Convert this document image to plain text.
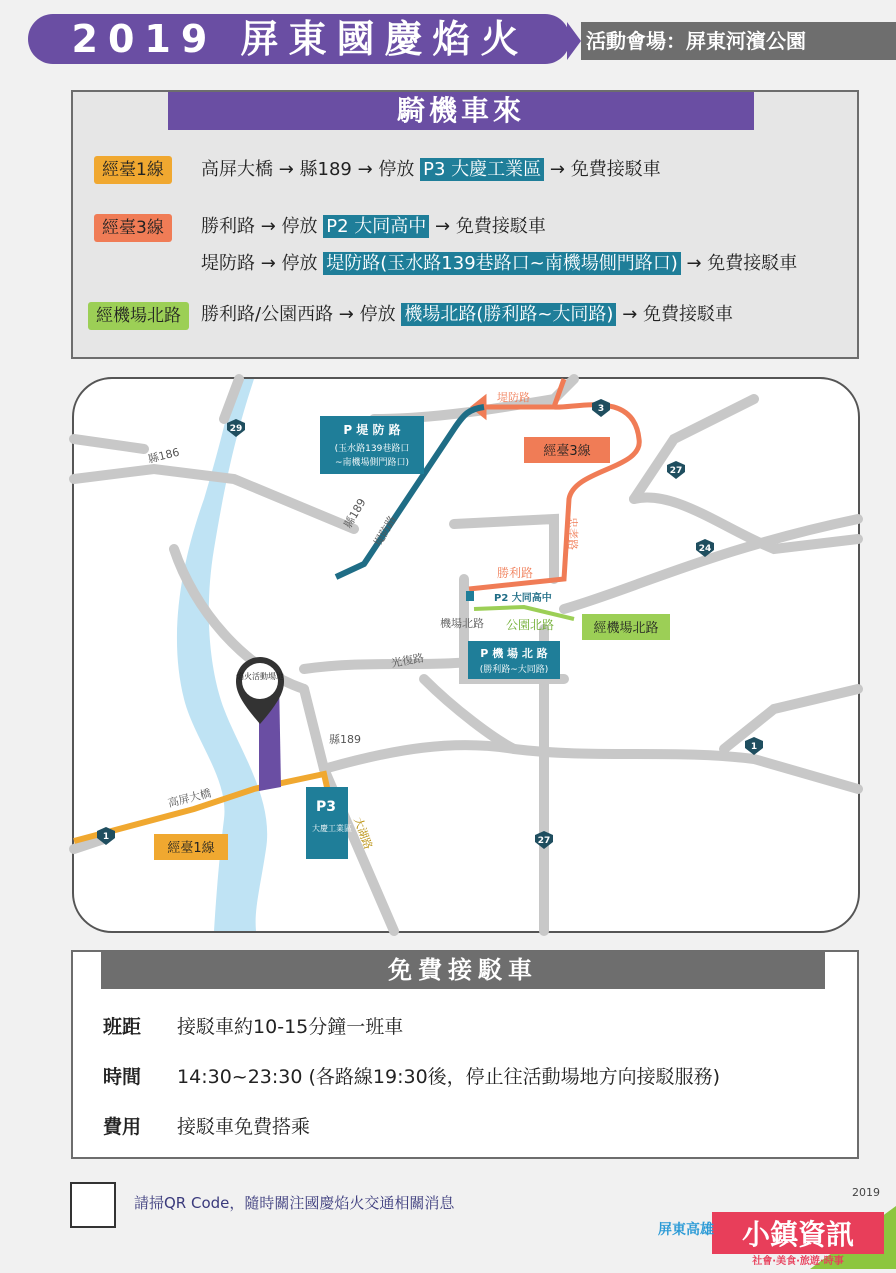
2019 屏東國慶焰火	活動會場：屏東河濱公園
騎機車來
經臺1線	高屏大橋 → 縣189 → 停放 P3 大慶工業區 → 免費接駁車
經臺3線	勝利路 → 停放 P2 大同高中 → 免費接駁車
堤防路 → 停放 堤防路(玉水路139巷路口~南機場側門路口) → 免費接駁車
經機場北路	勝利路/公園西路 → 停放 機場北路(勝利路~大同路) → 免費接駁車
29
3
27
24
1
27
1
縣186
堤防路
縣189
堤防路	忠孝路
勝利路
機場北路 公園北路
光復路
縣189
高屏大橋
大湖路
高屏溪
P 堤 防 路
(玉水路139巷路口
~南機場側門路口)
經臺3線
P2 大同高中
經機場北路
P 機 場 北 路
(勝利路~大同路)
焰火活動場地
P3
大慶工業區
經臺1線
免費接駁車
班距 接駁車約10-15分鐘一班車
時間 14:30~23:30 (各路線19:30後，停止往活動場地方向接駁服務)
費用 接駁車免費搭乘
請掃QR Code，隨時關注國慶焰火交通相關消息
2019
屏東高雄 小鎮資訊
社會·美食·旅遊·時事
